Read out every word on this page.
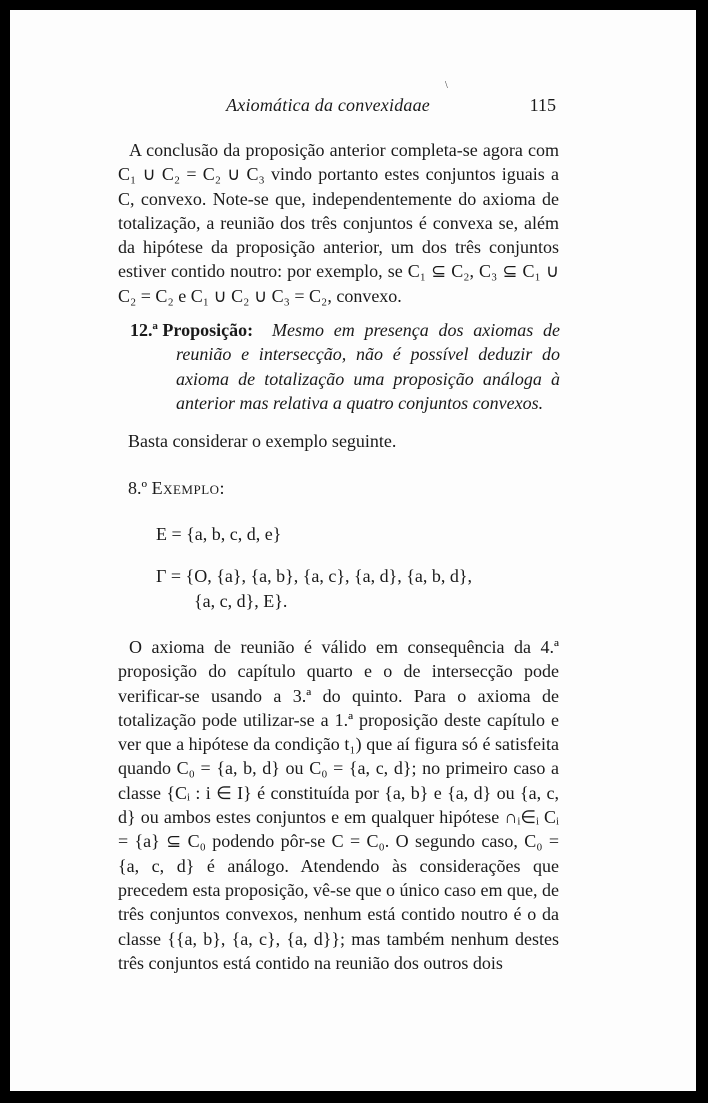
\
Axiomática da convexidaae	115

A conclusão da proposição anterior completa-se agora com C₁ ∪ C₂ = C₂ ∪ C₃ vindo portanto estes conjuntos iguais a C, convexo. Note-se que, independentemente do axioma de totalização, a reunião dos três conjuntos é convexa se, além da hipótese da proposição anterior, um dos três conjuntos estiver contido noutro: por exemplo, se C₁ ⊆ C₂, C₃ ⊆ C₁ ∪ C₂ = C₂ e C₁ ∪ C₂ ∪ C₃ = C₂, convexo.

12.ª Proposição:	Mesmo em presença dos axiomas de reunião e intersecção, não é possível deduzir do axioma de totalização uma proposição análoga à anterior mas relativa a quatro conjuntos convexos.

Basta considerar o exemplo seguinte.
8.º Exemplo:
E = {a, b, c, d, e}
Γ = {O, {a}, {a, b}, {a, c}, {a, d}, {a, b, d},
{a, c, d}, E}.

O axioma de reunião é válido em consequência da 4.ª proposição do capítulo quarto e o de intersecção pode verificar-se usando a 3.ª do quinto. Para o axioma de totalização pode utilizar-se a 1.ª proposição deste capítulo e ver que a hipótese da condição t₁) que aí figura só é satisfeita quando C₀ = {a, b, d} ou C₀ = {a, c, d}; no primeiro caso a classe {Cᵢ : i ∈ I} é constituída por {a, b} e {a, d} ou {a, c, d} ou ambos estes conjuntos e em qualquer hipótese ∩ᵢ∈ᵢ Cᵢ = {a} ⊆ C₀ podendo pôr-se C = C₀. O segundo caso, C₀ = {a, c, d} é análogo. Atendendo às considerações que precedem esta proposição, vê-se que o único caso em que, de três conjuntos convexos, nenhum está contido noutro é o da classe {{a, b}, {a, c}, {a, d}}; mas também nenhum destes três conjuntos está contido na reunião dos outros dois
